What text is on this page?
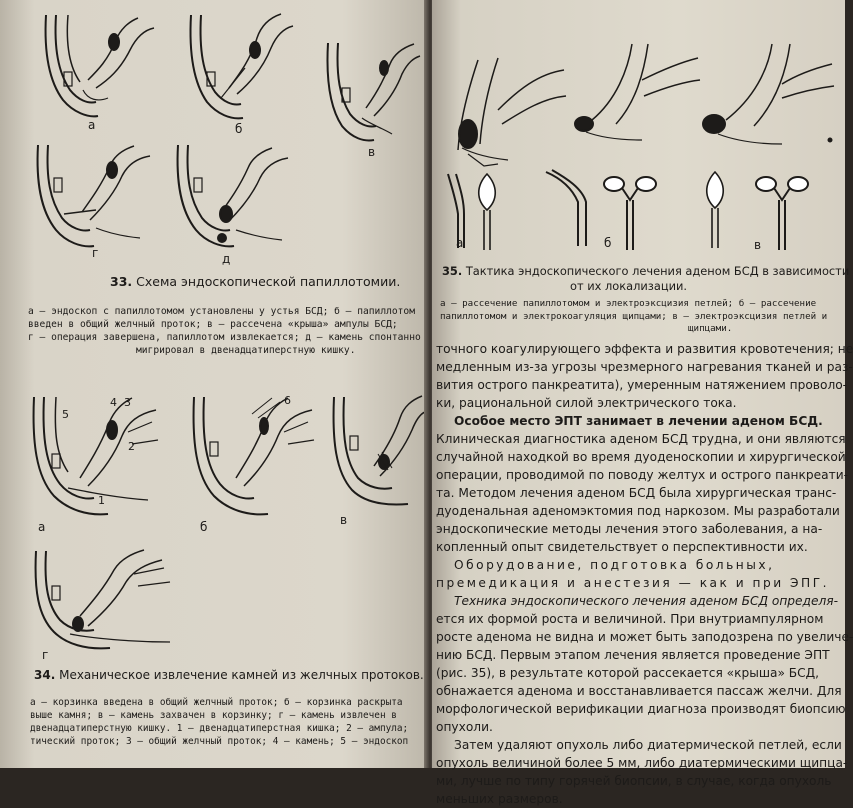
а	б
в
г	д
33. Схема эндоскопической папиллотомии.
а — эндоскоп с папиллотомом установлены у устья БСД; б — папиллотом
введен в общий желчный проток; в — рассечена «крыша» ампулы БСД;
г — операция завершена, папиллотом извлекается; д — камень спонтанно
мигрировал в двенадцатиперстную кишку.
5
4 3
2
1
а
6
б	в
г
34. Механическое извлечение камней из желчных протоков.
а — корзинка введена в общий желчный проток; б — корзинка раскрыта
выше камня; в — камень захвачен в корзинку; г — камень извлечен в
двенадцатиперстную кишку. 1 — двенадцатиперстная кишка; 2 — ампула;
тический проток; 3 — общий желчный проток; 4 — камень; 5 — эндоскоп
а	б	в
35. Тактика эндоскопического лечения аденом БСД в зависимости
от их локализации.
а — рассечение папиллотомом и электроэксцизия петлей; б — рассечение
папиллотомом и электрокоагуляция щипцами; в — электроэксцизия петлей и
щипцами.
точного коагулирующего эффекта и развития кровотечения; не
медленным из-за угрозы чрезмерного нагревания тканей и раз-
вития острого панкреатита), умеренным натяжением проволо-
ки, рациональной силой электрического тока.
Особое место ЭПТ занимает в лечении аденом БСД.
Клиническая диагностика аденом БСД трудна, и они являются
случайной находкой во время дуоденоскопии и хирургической
операции, проводимой по поводу желтух и острого панкреати-
та. Методом лечения аденом БСД была хирургическая транс-
дуоденальная аденомэктомия под наркозом. Мы разработали
эндоскопические методы лечения этого заболевания, а на-
копленный опыт свидетельствует о перспективности их.
Оборудование, подготовка больных,
премедикация и анестезия — как и при ЭПГ.
Техника эндоскопического лечения аденом БСД определя-
ется их формой роста и величиной. При внутриампулярном
росте аденома не видна и может быть заподозрена по увеличе-
нию БСД. Первым этапом лечения является проведение ЭПТ
(рис. 35), в результате которой рассекается «крыша» БСД,
обнажается аденома и восстанавливается пассаж желчи. Для
морфологической верификации диагноза производят биопсию
опухоли.
Затем удаляют опухоль либо диатермической петлей, если
опухоль величиной более 5 мм, либо диатермическими щипца-
ми, лучше по типу горячей биопсии, в случае, когда опухоль
меньших размеров.
